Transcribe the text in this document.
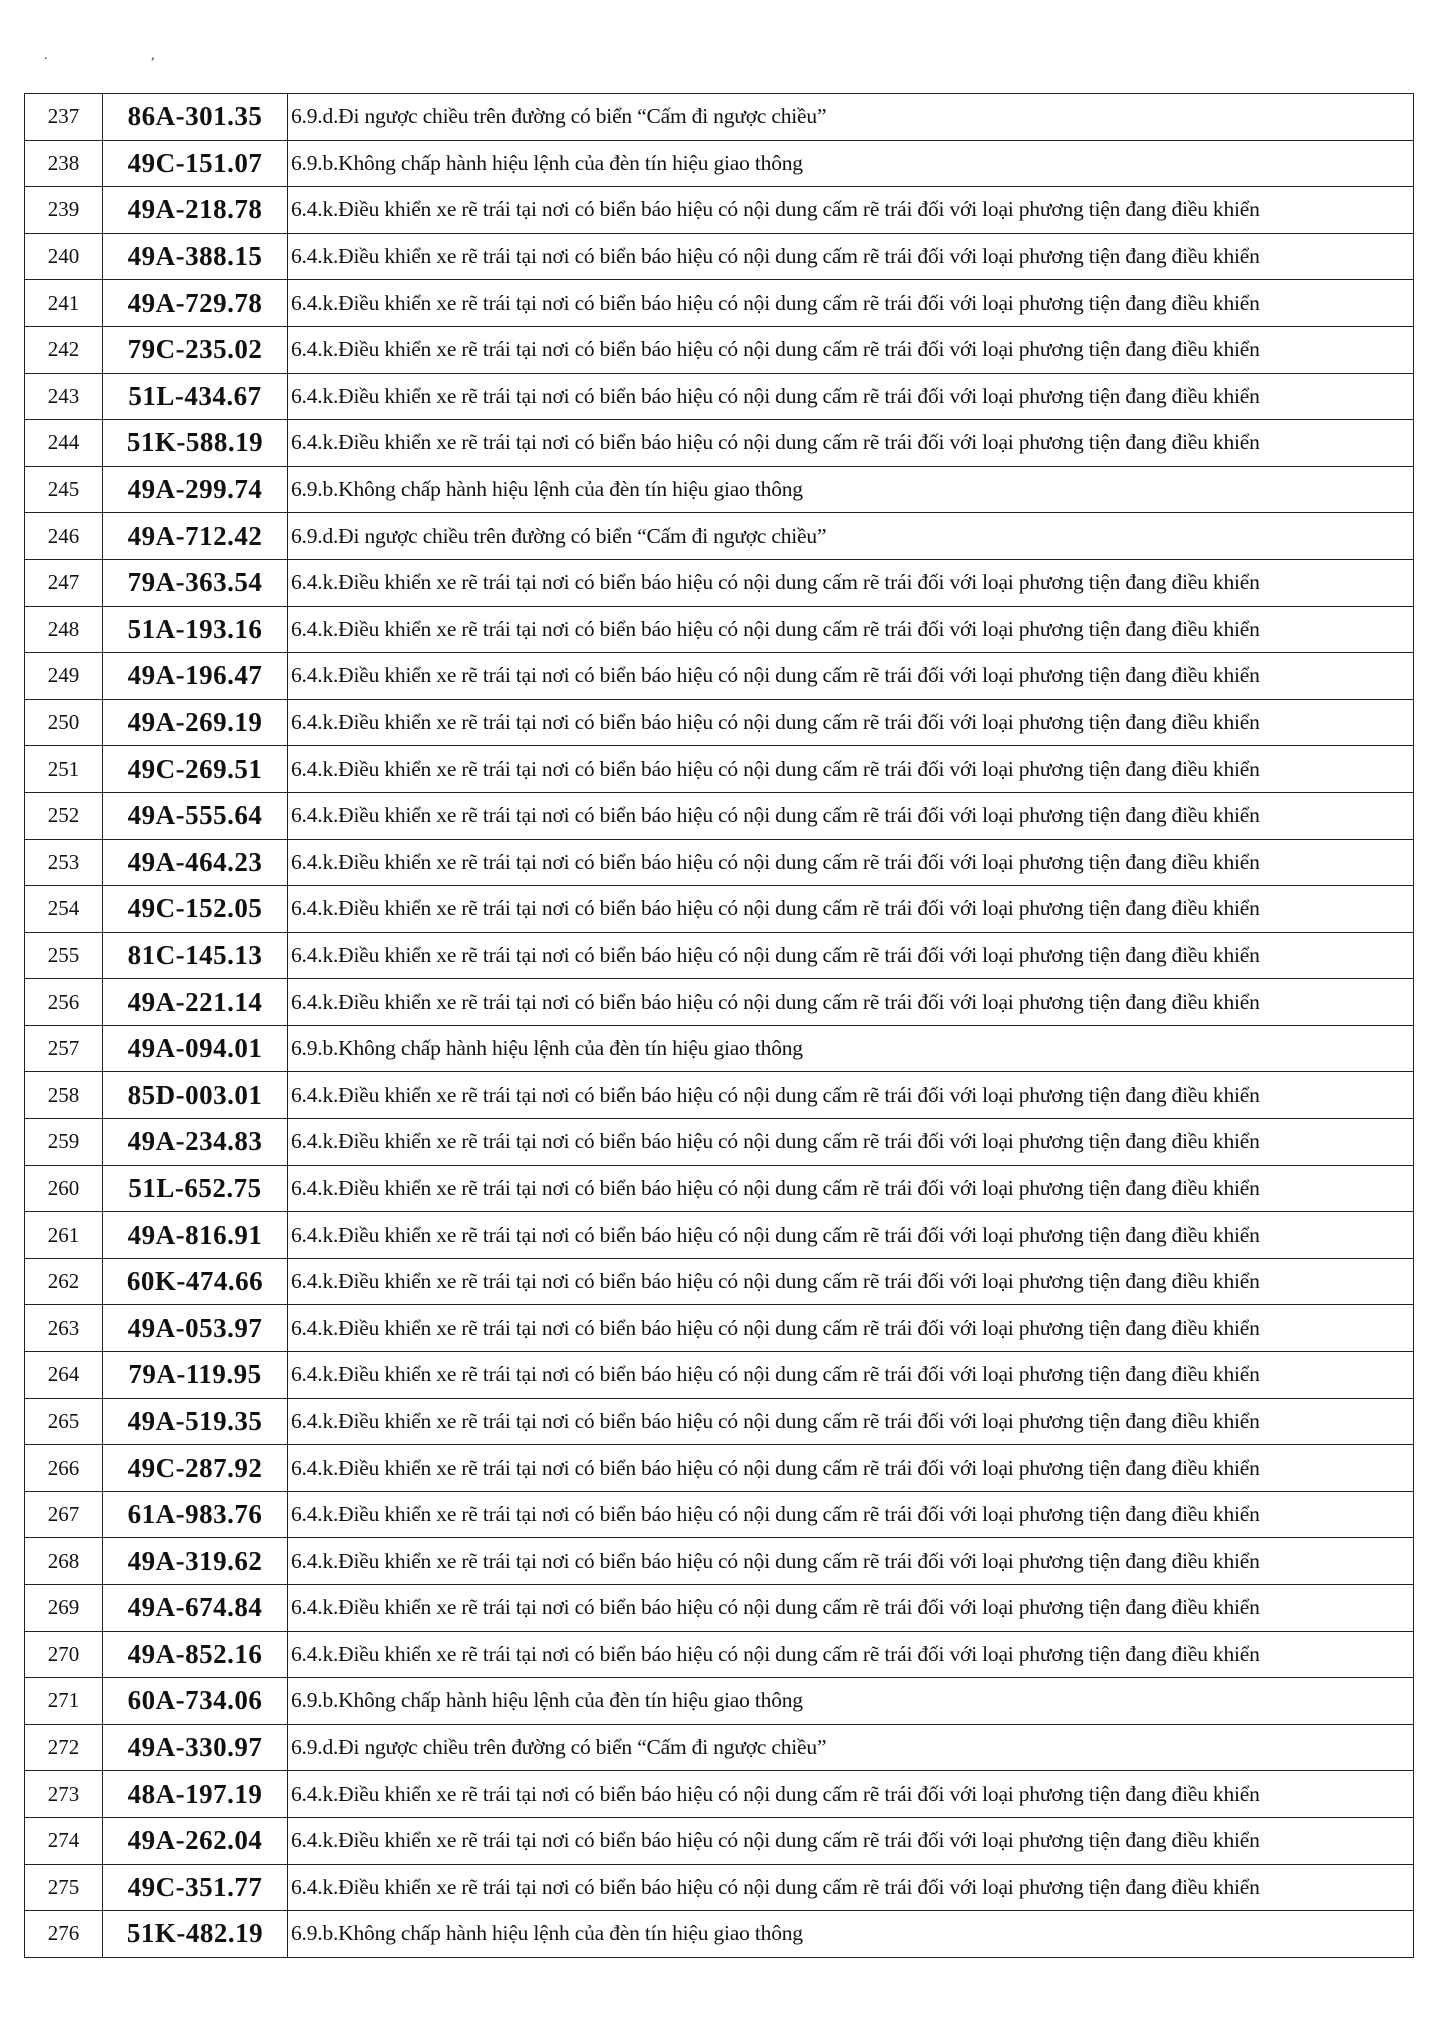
. ,
237	86A-301.35	6.9.d.Đi ngược chiều trên đường có biển “Cấm đi ngược chiều”
238	49C-151.07	6.9.b.Không chấp hành hiệu lệnh của đèn tín hiệu giao thông
239	49A-218.78	6.4.k.Điều khiển xe rẽ trái tại nơi có biển báo hiệu có nội dung cấm rẽ trái đối với loại phương tiện đang điều khiển
240	49A-388.15	6.4.k.Điều khiển xe rẽ trái tại nơi có biển báo hiệu có nội dung cấm rẽ trái đối với loại phương tiện đang điều khiển
241	49A-729.78	6.4.k.Điều khiển xe rẽ trái tại nơi có biển báo hiệu có nội dung cấm rẽ trái đối với loại phương tiện đang điều khiển
242	79C-235.02	6.4.k.Điều khiển xe rẽ trái tại nơi có biển báo hiệu có nội dung cấm rẽ trái đối với loại phương tiện đang điều khiển
243	51L-434.67	6.4.k.Điều khiển xe rẽ trái tại nơi có biển báo hiệu có nội dung cấm rẽ trái đối với loại phương tiện đang điều khiển
244	51K-588.19	6.4.k.Điều khiển xe rẽ trái tại nơi có biển báo hiệu có nội dung cấm rẽ trái đối với loại phương tiện đang điều khiển
245	49A-299.74	6.9.b.Không chấp hành hiệu lệnh của đèn tín hiệu giao thông
246	49A-712.42	6.9.d.Đi ngược chiều trên đường có biển “Cấm đi ngược chiều”
247	79A-363.54	6.4.k.Điều khiển xe rẽ trái tại nơi có biển báo hiệu có nội dung cấm rẽ trái đối với loại phương tiện đang điều khiển
248	51A-193.16	6.4.k.Điều khiển xe rẽ trái tại nơi có biển báo hiệu có nội dung cấm rẽ trái đối với loại phương tiện đang điều khiển
249	49A-196.47	6.4.k.Điều khiển xe rẽ trái tại nơi có biển báo hiệu có nội dung cấm rẽ trái đối với loại phương tiện đang điều khiển
250	49A-269.19	6.4.k.Điều khiển xe rẽ trái tại nơi có biển báo hiệu có nội dung cấm rẽ trái đối với loại phương tiện đang điều khiển
251	49C-269.51	6.4.k.Điều khiển xe rẽ trái tại nơi có biển báo hiệu có nội dung cấm rẽ trái đối với loại phương tiện đang điều khiển
252	49A-555.64	6.4.k.Điều khiển xe rẽ trái tại nơi có biển báo hiệu có nội dung cấm rẽ trái đối với loại phương tiện đang điều khiển
253	49A-464.23	6.4.k.Điều khiển xe rẽ trái tại nơi có biển báo hiệu có nội dung cấm rẽ trái đối với loại phương tiện đang điều khiển
254	49C-152.05	6.4.k.Điều khiển xe rẽ trái tại nơi có biển báo hiệu có nội dung cấm rẽ trái đối với loại phương tiện đang điều khiển
255	81C-145.13	6.4.k.Điều khiển xe rẽ trái tại nơi có biển báo hiệu có nội dung cấm rẽ trái đối với loại phương tiện đang điều khiển
256	49A-221.14	6.4.k.Điều khiển xe rẽ trái tại nơi có biển báo hiệu có nội dung cấm rẽ trái đối với loại phương tiện đang điều khiển
257	49A-094.01	6.9.b.Không chấp hành hiệu lệnh của đèn tín hiệu giao thông
258	85D-003.01	6.4.k.Điều khiển xe rẽ trái tại nơi có biển báo hiệu có nội dung cấm rẽ trái đối với loại phương tiện đang điều khiển
259	49A-234.83	6.4.k.Điều khiển xe rẽ trái tại nơi có biển báo hiệu có nội dung cấm rẽ trái đối với loại phương tiện đang điều khiển
260	51L-652.75	6.4.k.Điều khiển xe rẽ trái tại nơi có biển báo hiệu có nội dung cấm rẽ trái đối với loại phương tiện đang điều khiển
261	49A-816.91	6.4.k.Điều khiển xe rẽ trái tại nơi có biển báo hiệu có nội dung cấm rẽ trái đối với loại phương tiện đang điều khiển
262	60K-474.66	6.4.k.Điều khiển xe rẽ trái tại nơi có biển báo hiệu có nội dung cấm rẽ trái đối với loại phương tiện đang điều khiển
263	49A-053.97	6.4.k.Điều khiển xe rẽ trái tại nơi có biển báo hiệu có nội dung cấm rẽ trái đối với loại phương tiện đang điều khiển
264	79A-119.95	6.4.k.Điều khiển xe rẽ trái tại nơi có biển báo hiệu có nội dung cấm rẽ trái đối với loại phương tiện đang điều khiển
265	49A-519.35	6.4.k.Điều khiển xe rẽ trái tại nơi có biển báo hiệu có nội dung cấm rẽ trái đối với loại phương tiện đang điều khiển
266	49C-287.92	6.4.k.Điều khiển xe rẽ trái tại nơi có biển báo hiệu có nội dung cấm rẽ trái đối với loại phương tiện đang điều khiển
267	61A-983.76	6.4.k.Điều khiển xe rẽ trái tại nơi có biển báo hiệu có nội dung cấm rẽ trái đối với loại phương tiện đang điều khiển
268	49A-319.62	6.4.k.Điều khiển xe rẽ trái tại nơi có biển báo hiệu có nội dung cấm rẽ trái đối với loại phương tiện đang điều khiển
269	49A-674.84	6.4.k.Điều khiển xe rẽ trái tại nơi có biển báo hiệu có nội dung cấm rẽ trái đối với loại phương tiện đang điều khiển
270	49A-852.16	6.4.k.Điều khiển xe rẽ trái tại nơi có biển báo hiệu có nội dung cấm rẽ trái đối với loại phương tiện đang điều khiển
271	60A-734.06	6.9.b.Không chấp hành hiệu lệnh của đèn tín hiệu giao thông
272	49A-330.97	6.9.d.Đi ngược chiều trên đường có biển “Cấm đi ngược chiều”
273	48A-197.19	6.4.k.Điều khiển xe rẽ trái tại nơi có biển báo hiệu có nội dung cấm rẽ trái đối với loại phương tiện đang điều khiển
274	49A-262.04	6.4.k.Điều khiển xe rẽ trái tại nơi có biển báo hiệu có nội dung cấm rẽ trái đối với loại phương tiện đang điều khiển
275	49C-351.77	6.4.k.Điều khiển xe rẽ trái tại nơi có biển báo hiệu có nội dung cấm rẽ trái đối với loại phương tiện đang điều khiển
276	51K-482.19	6.9.b.Không chấp hành hiệu lệnh của đèn tín hiệu giao thông
